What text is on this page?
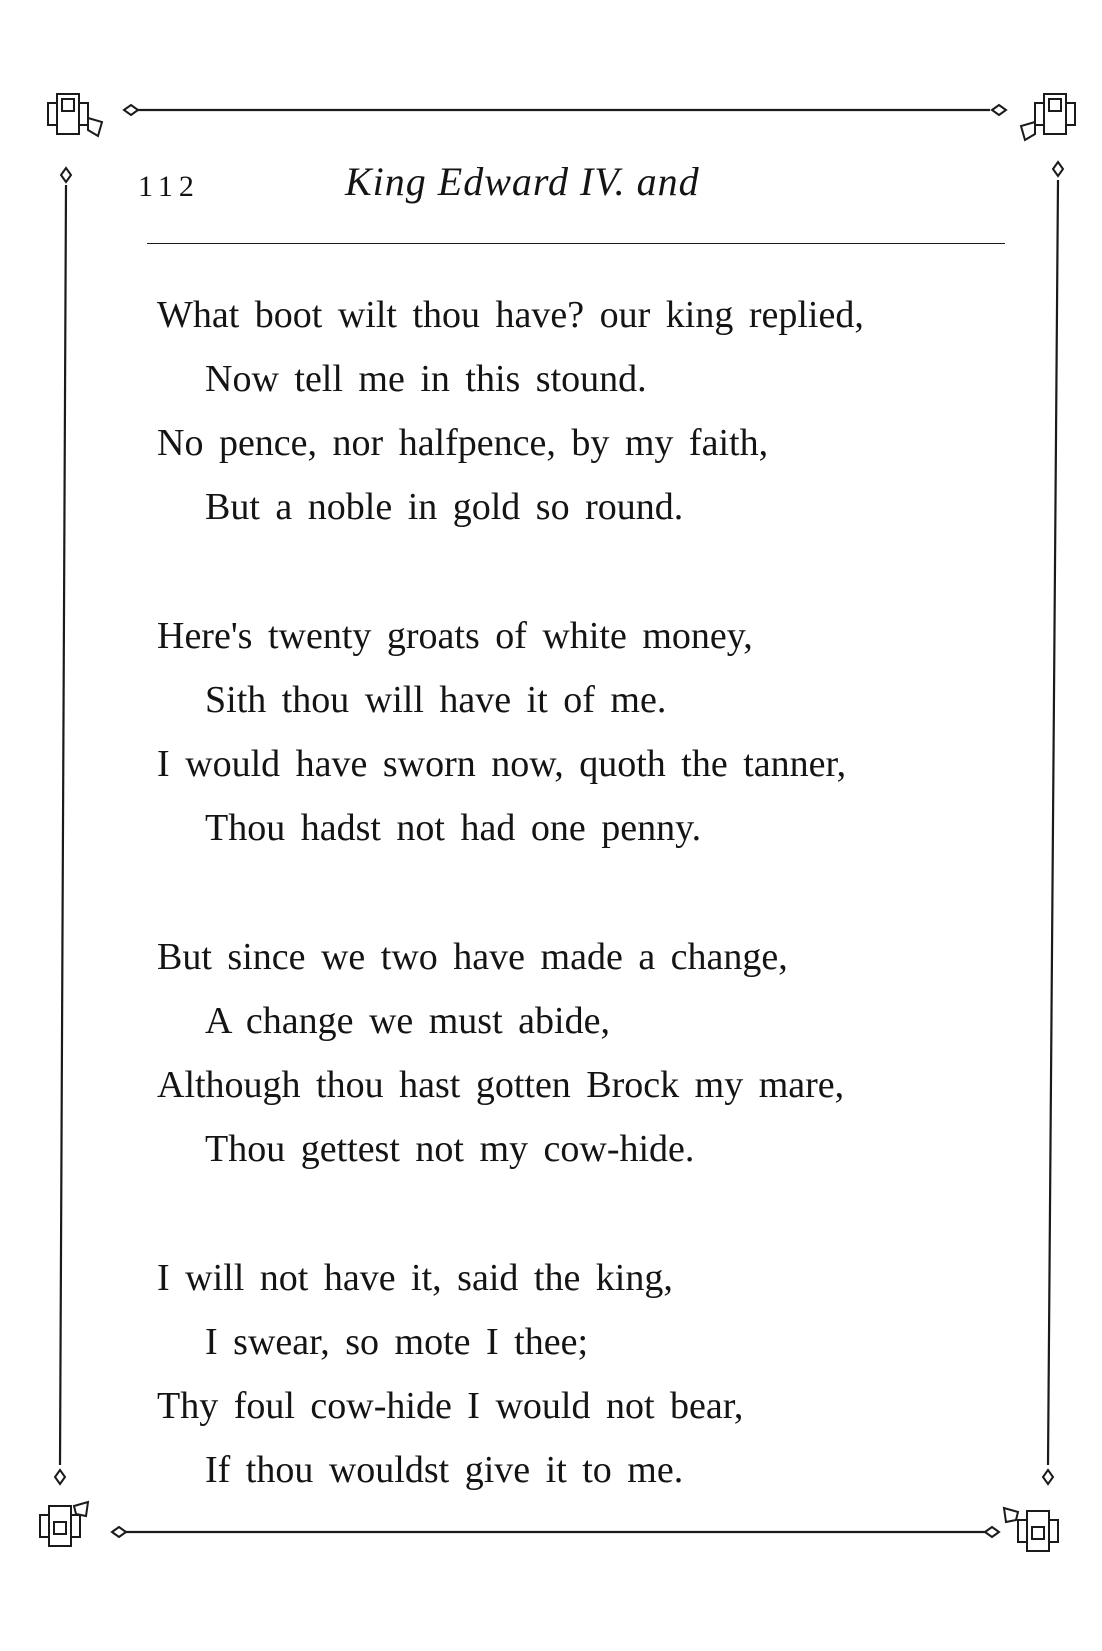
112	King Edward IV. and
What boot wilt thou have? our king replied,
Now tell me in this stound.
No pence, nor halfpence, by my faith,
But a noble in gold so round.
Here's twenty groats of white money,
Sith thou will have it of me.
I would have sworn now, quoth the tanner,
Thou hadst not had one penny.
But since we two have made a change,
A change we must abide,
Although thou hast gotten Brock my mare,
Thou gettest not my cow-hide.
I will not have it, said the king,
I swear, so mote I thee;
Thy foul cow-hide I would not bear,
If thou wouldst give it to me.
